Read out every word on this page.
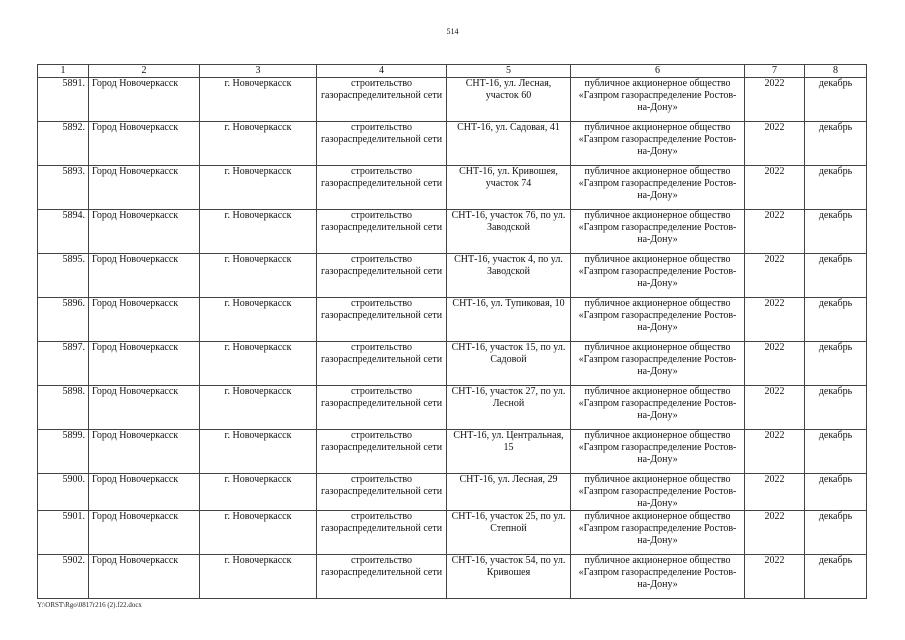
514
1	2	3	4	5	6	7	8
5891.	Город Новочеркасск	г. Новочеркасск	строительство газораспределительной сети	СНТ-16, ул. Лесная, участок 60	публичное акционерное общество «Газпром газораспределение Ростов-на-Дону»	2022	декабрь
5892.	Город Новочеркасск	г. Новочеркасск	строительство газораспределительной сети	СНТ-16, ул. Садовая, 41	публичное акционерное общество «Газпром газораспределение Ростов-на-Дону»	2022	декабрь
5893.	Город Новочеркасск	г. Новочеркасск	строительство газораспределительной сети	СНТ-16, ул. Кривошея, участок 74	публичное акционерное общество «Газпром газораспределение Ростов-на-Дону»	2022	декабрь
5894.	Город Новочеркасск	г. Новочеркасск	строительство газораспределительной сети	СНТ-16, участок 76, по ул. Заводской	публичное акционерное общество «Газпром газораспределение Ростов-на-Дону»	2022	декабрь
5895.	Город Новочеркасск	г. Новочеркасск	строительство газораспределительной сети	СНТ-16, участок 4, по ул. Заводской	публичное акционерное общество «Газпром газораспределение Ростов-на-Дону»	2022	декабрь
5896.	Город Новочеркасск	г. Новочеркасск	строительство газораспределительной сети	СНТ-16, ул. Тупиковая, 10	публичное акционерное общество «Газпром газораспределение Ростов-на-Дону»	2022	декабрь
5897.	Город Новочеркасск	г. Новочеркасск	строительство газораспределительной сети	СНТ-16, участок 15, по ул. Садовой	публичное акционерное общество «Газпром газораспределение Ростов-на-Дону»	2022	декабрь
5898.	Город Новочеркасск	г. Новочеркасск	строительство газораспределительной сети	СНТ-16, участок 27, по ул. Лесной	публичное акционерное общество «Газпром газораспределение Ростов-на-Дону»	2022	декабрь
5899.	Город Новочеркасск	г. Новочеркасск	строительство газораспределительной сети	СНТ-16, ул. Центральная, 15	публичное акционерное общество «Газпром газораспределение Ростов-на-Дону»	2022	декабрь
5900.	Город Новочеркасск	г. Новочеркасск	строительство газораспределительной сети	СНТ-16, ул. Лесная, 29	публичное акционерное общество «Газпром газораспределение Ростов-на-Дону»	2022	декабрь
5901.	Город Новочеркасск	г. Новочеркасск	строительство газораспределительной сети	СНТ-16, участок 25, по ул. Степной	публичное акционерное общество «Газпром газораспределение Ростов-на-Дону»	2022	декабрь
5902.	Город Новочеркасск	г. Новочеркасск	строительство газораспределительной сети	СНТ-16, участок 54, по ул. Кривошея	публичное акционерное общество «Газпром газораспределение Ростов-на-Дону»	2022	декабрь
Y:\ORST\Rgo\0817r216 (2).f22.docx
